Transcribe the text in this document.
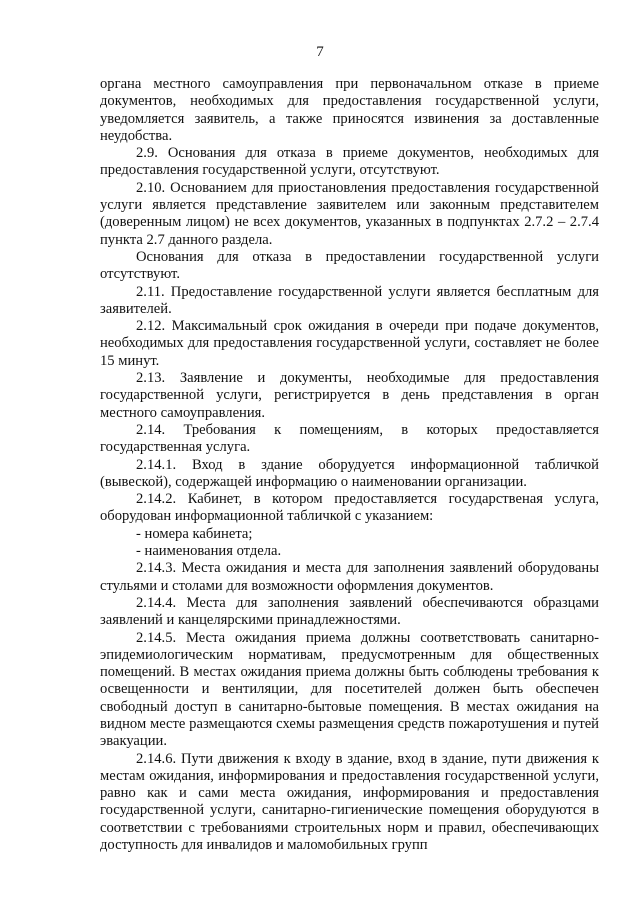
7

органа местного самоуправления при первоначальном отказе в приеме документов, необходимых для предоставления государственной услуги, уведомляется заявитель, а также приносятся извинения за доставленные неудобства.

2.9. Основания для отказа в приеме документов, необходимых для предоставления государственной услуги, отсутствуют.

2.10. Основанием для приостановления предоставления государственной услуги является представление заявителем или законным представителем (доверенным лицом) не всех документов, указанных в подпунктах 2.7.2 – 2.7.4 пункта 2.7 данного раздела.

Основания для отказа в предоставлении государственной услуги отсутствуют.

2.11. Предоставление государственной услуги является бесплатным для заявителей.

2.12. Максимальный срок ожидания в очереди при подаче документов, необходимых для предоставления государственной услуги, составляет не более 15 минут.

2.13. Заявление и документы, необходимые для предоставления государственной услуги, регистрируется в день представления в орган местного самоуправления.

2.14. Требования к помещениям, в которых предоставляется государственная услуга.

2.14.1. Вход в здание оборудуется информационной табличкой (вывеской), содержащей информацию о наименовании организации.

2.14.2. Кабинет, в котором предоставляется государственая услуга, оборудован информационной табличкой с указанием:

- номера кабинета;

- наименования отдела.

2.14.3. Места ожидания и места для заполнения заявлений оборудованы стульями и столами для возможности оформления документов.

2.14.4. Места для заполнения заявлений обеспечиваются образцами заявлений и канцелярскими принадлежностями.

2.14.5. Места ожидания приема должны соответствовать санитарно-эпидемиологическим нормативам, предусмотренным для общественных помещений. В местах ожидания приема должны быть соблюдены требования к освещенности и вентиляции, для посетителей должен быть обеспечен свободный доступ в санитарно-бытовые помещения. В местах ожидания на видном месте размещаются схемы размещения средств пожаротушения и путей эвакуации.

2.14.6. Пути движения к входу в здание, вход в здание, пути движения к местам ожидания, информирования и предоставления государственной услуги, равно как и сами места ожидания, информирования и предоставления государственной услуги, санитарно-гигиенические помещения оборудуются в соответствии с требованиями строительных норм и правил, обеспечивающих доступность для инвалидов и маломобильных групп
